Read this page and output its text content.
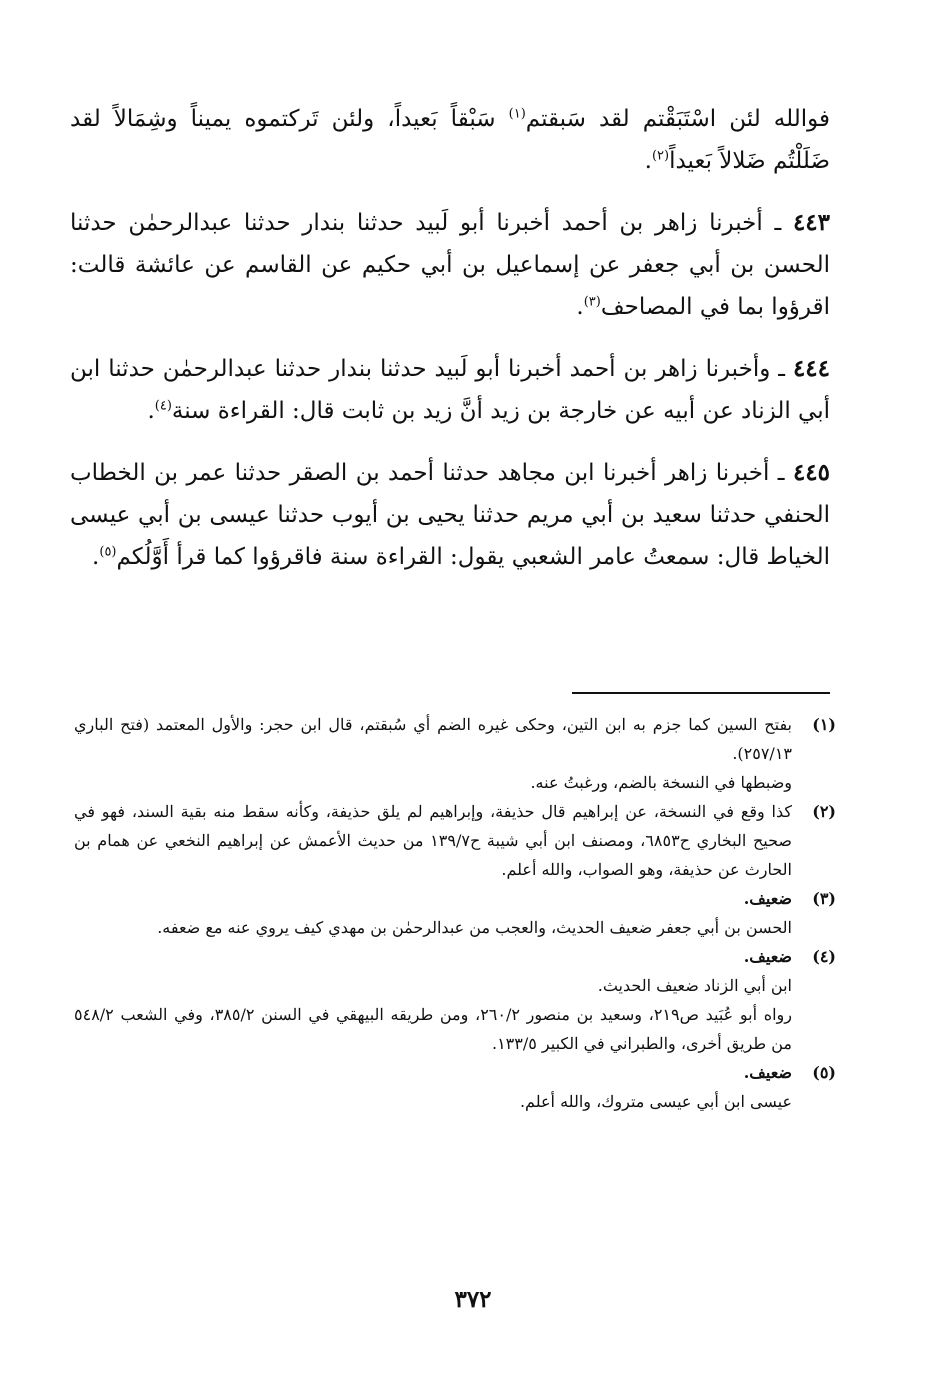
فوالله لئن اسْتَبَقْتم لقد سَبقتم$^{(١)}$ سَبْقاً بَعيداً، ولئن تَركتموه يميناً وشِمَالاً لقد ضَلَلْتُم ضَلالاً بَعيداً$^{(٢)}$.

٤٤٣ ـ أخبرنا زاهر بن أحمد أخبرنا أبو لَبيد حدثنا بندار حدثنا عبدالرحمٰن حدثنا الحسن بن أبي جعفر عن إسماعيل بن أبي حكيم عن القاسم عن عائشة قالت: اقرؤوا بما في المصاحف$^{(٣)}$.

٤٤٤ ـ وأخبرنا زاهر بن أحمد أخبرنا أبو لَبيد حدثنا بندار حدثنا عبدالرحمٰن حدثنا ابن أبي الزناد عن أبيه عن خارجة بن زيد أنَّ زيد بن ثابت قال: القراءة سنة$^{(٤)}$.

٤٤٥ ـ أخبرنا زاهر أخبرنا ابن مجاهد حدثنا أحمد بن الصقر حدثنا عمر بن الخطاب الحنفي حدثنا سعيد بن أبي مريم حدثنا يحيى بن أيوب حدثنا عيسى بن أبي عيسى الخياط قال: سمعتُ عامر الشعبي يقول: القراءة سنة فاقرؤوا كما قرأ أَوَّلُكم$^{(٥)}$.

(١)

بفتح السين كما جزم به ابن التين، وحكى غيره الضم أي سُبقتم، قال ابن حجر: والأول المعتمد (فتح الباري ٢٥٧/١٣).

وضبطها في النسخة بالضم، ورغبتُ عنه.

(٢)

كذا وقع في النسخة، عن إبراهيم قال حذيفة، وإبراهيم لم يلق حذيفة، وكأنه سقط منه بقية السند، فهو في صحيح البخاري ح٦٨٥٣، ومصنف ابن أبي شيبة ح١٣٩/٧ من حديث الأعمش عن إبراهيم النخعي عن همام بن الحارث عن حذيفة، وهو الصواب، والله أعلم.

(٣)

ضعيف.

الحسن بن أبي جعفر ضعيف الحديث، والعجب من عبدالرحمٰن بن مهدي كيف يروي عنه مع ضعفه.

(٤)

ضعيف.

ابن أبي الزناد ضعيف الحديث.

رواه أبو عُبَيد ص٢١٩، وسعيد بن منصور ٢٦٠/٢، ومن طريقه البيهقي في السنن ٣٨٥/٢، وفي الشعب ٥٤٨/٢ من طريق أخرى، والطبراني في الكبير ١٣٣/٥.

(٥)

ضعيف.

عيسى ابن أبي عيسى متروك، والله أعلم.

٣٧٢
